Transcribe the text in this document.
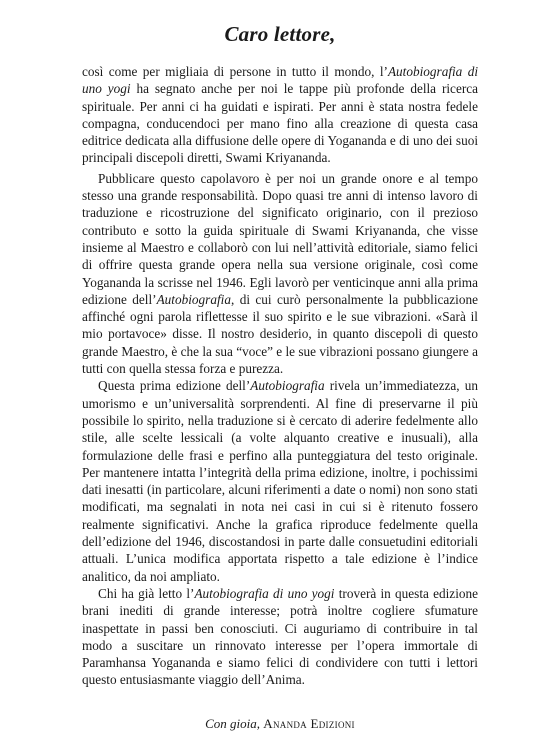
Caro lettore,

così come per migliaia di persone in tutto il mondo, l’Autobiografia di uno yogi ha segnato anche per noi le tappe più profonde della ricerca spirituale. Per anni ci ha guidati e ispirati. Per anni è stata nostra fedele compagna, conducendoci per mano fino alla creazione di questa casa editrice dedicata alla diffusione delle opere di Yogananda e di uno dei suoi principali discepoli diretti, Swami Kriyananda.

Pubblicare questo capolavoro è per noi un grande onore e al tempo stesso una grande responsabilità. Dopo quasi tre anni di intenso lavoro di traduzione e ricostruzione del significato originario, con il prezioso contributo e sotto la guida spirituale di Swami Kriyananda, che visse insieme al Maestro e collaborò con lui nell’attività editoriale, siamo felici di offrire questa grande opera nella sua versione originale, così come Yogananda la scrisse nel 1946. Egli lavorò per venticinque anni alla prima edizione dell’Autobiografia, di cui curò personalmente la pubblicazione affinché ogni parola riflettesse il suo spirito e le sue vibrazioni. «Sarà il mio portavoce» disse. Il nostro desiderio, in quanto discepoli di questo grande Maestro, è che la sua “voce” e le sue vibrazioni possano giungere a tutti con quella stessa forza e purezza.

Questa prima edizione dell’Autobiografia rivela un’immediatezza, un umorismo e un’universalità sorprendenti. Al fine di preservarne il più possibile lo spirito, nella traduzione si è cercato di aderire fedelmente allo stile, alle scelte lessicali (a volte alquanto creative e inusuali), alla formulazione delle frasi e perfino alla punteggiatura del testo originale. Per mantenere intatta l’integrità della prima edizione, inoltre, i pochissimi dati inesatti (in particolare, alcuni riferimenti a date o nomi) non sono stati modificati, ma segnalati in nota nei casi in cui si è ritenuto fossero realmente significativi. Anche la grafica riproduce fedelmente quella dell’edizione del 1946, discostandosi in parte dalle consuetudini editoriali attuali. L’unica modifica apportata rispetto a tale edizione è l’indice analitico, da noi ampliato.

Chi ha già letto l’Autobiografia di uno yogi troverà in questa edizione brani inediti di grande interesse; potrà inoltre cogliere sfumature inaspettate in passi ben conosciuti. Ci auguriamo di contribuire in tal modo a suscitare un rinnovato interesse per l’opera immortale di Paramhansa Yogananda e siamo felici di condividere con tutti i lettori questo entusiasmante viaggio dell’Anima.

Con gioia, Ananda Edizioni
